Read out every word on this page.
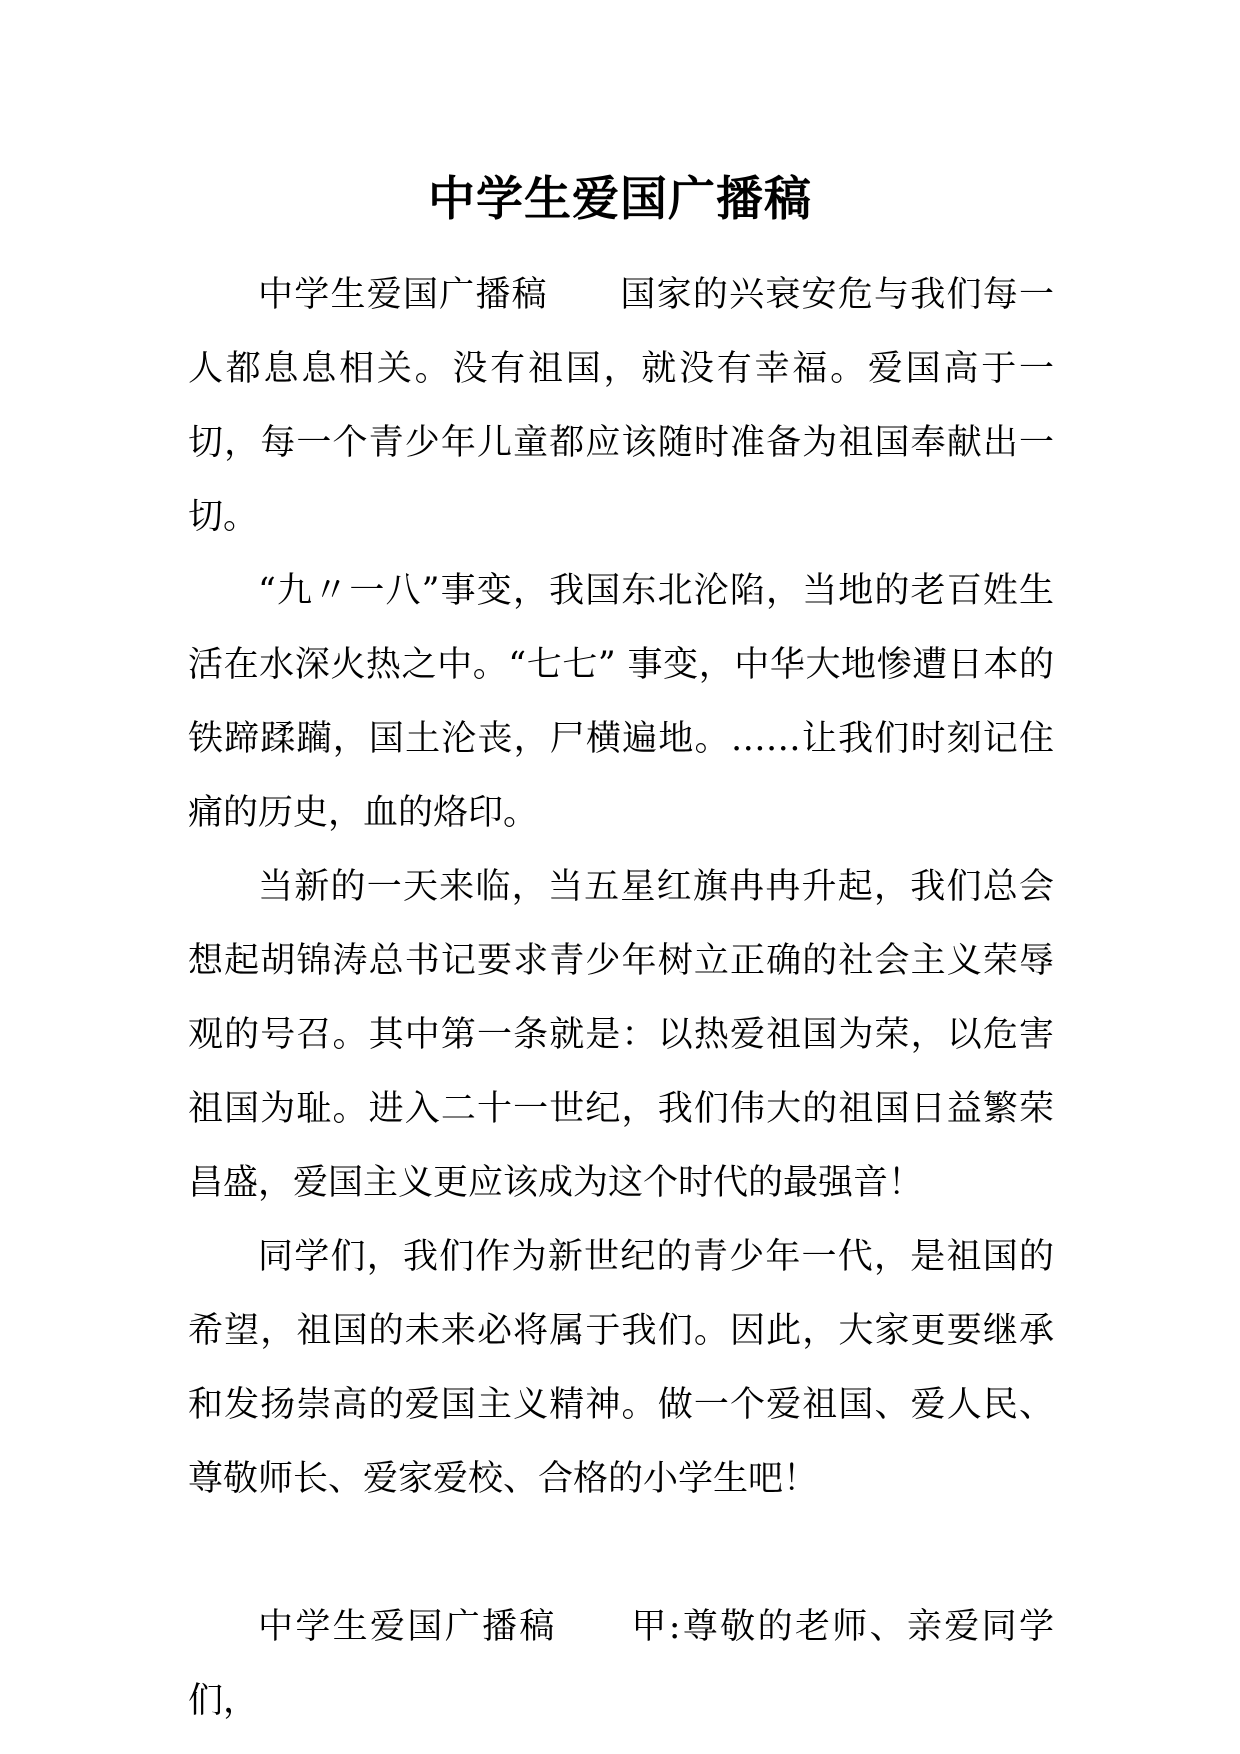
中学生爱国广播稿

中学生爱国广播稿　　国家的兴衰安危与我们每一人都息息相关。没有祖国，就没有幸福。爱国高于一切，每一个青少年儿童都应该随时准备为祖国奉献出一切。

“九〃一八”事变，我国东北沦陷，当地的老百姓生活在水深火热之中。“七七” 事变，中华大地惨遭日本的铁蹄蹂躏，国土沦丧，尸横遍地。……让我们时刻记住痛的历史，血的烙印。

当新的一天来临，当五星红旗冉冉升起，我们总会想起胡锦涛总书记要求青少年树立正确的社会主义荣辱观的号召。其中第一条就是：以热爱祖国为荣，以危害祖国为耻。进入二十一世纪，我们伟大的祖国日益繁荣昌盛，爱国主义更应该成为这个时代的最强音！

同学们，我们作为新世纪的青少年一代，是祖国的希望，祖国的未来必将属于我们。因此，大家更要继承和发扬崇高的爱国主义精神。做一个爱祖国、爱人民、尊敬师长、爱家爱校、合格的小学生吧！

中学生爱国广播稿　　甲:尊敬的老师、亲爱同学们，
